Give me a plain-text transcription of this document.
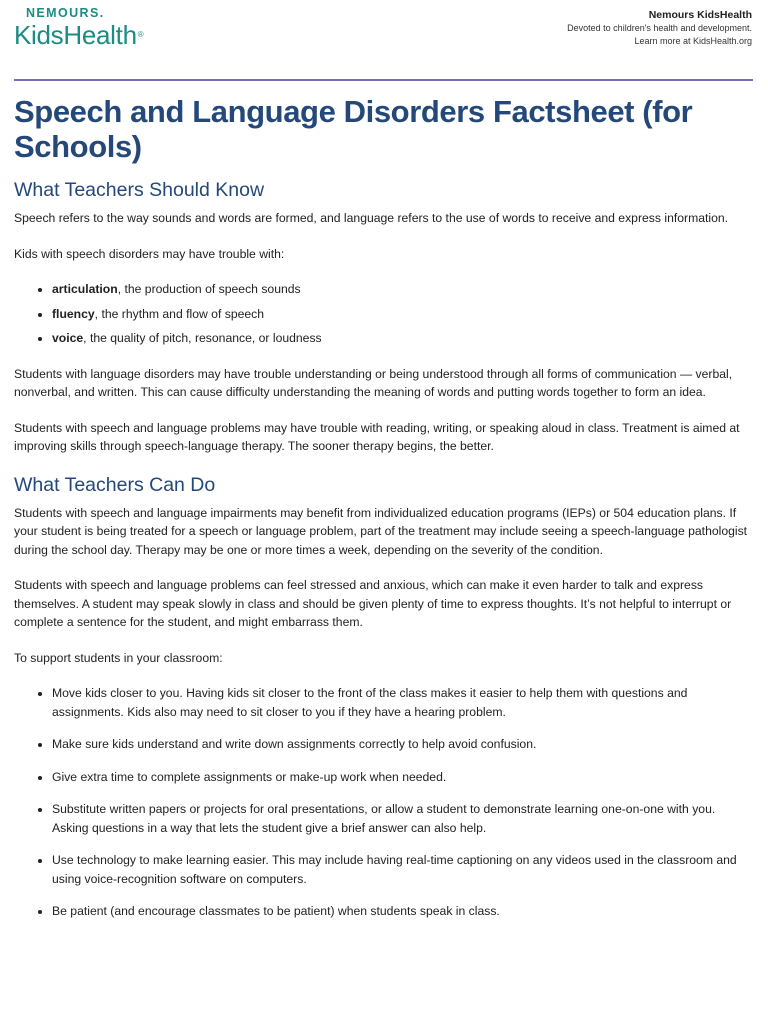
NEMOURS.
KidsHealth®
Nemours KidsHealth
Devoted to children's health and development.
Learn more at KidsHealth.org
Speech and Language Disorders Factsheet (for Schools)
What Teachers Should Know

Speech refers to the way sounds and words are formed, and language refers to the use of words to receive and express information.

Kids with speech disorders may have trouble with:

• articulation, the production of speech sounds
• fluency, the rhythm and flow of speech
• voice, the quality of pitch, resonance, or loudness

Students with language disorders may have trouble understanding or being understood through all forms of communication — verbal, nonverbal, and written. This can cause difficulty understanding the meaning of words and putting words together to form an idea.

Students with speech and language problems may have trouble with reading, writing, or speaking aloud in class. Treatment is aimed at improving skills through speech-language therapy. The sooner therapy begins, the better.

What Teachers Can Do

Students with speech and language impairments may benefit from individualized education programs (IEPs) or 504 education plans. If your student is being treated for a speech or language problem, part of the treatment may include seeing a speech-language pathologist during the school day. Therapy may be one or more times a week, depending on the severity of the condition.

Students with speech and language problems can feel stressed and anxious, which can make it even harder to talk and express themselves. A student may speak slowly in class and should be given plenty of time to express thoughts. It’s not helpful to interrupt or complete a sentence for the student, and might embarrass them.

To support students in your classroom:

• Move kids closer to you. Having kids sit closer to the front of the class makes it easier to help them with questions and assignments. Kids also may need to sit closer to you if they have a hearing problem.
• Make sure kids understand and write down assignments correctly to help avoid confusion.
• Give extra time to complete assignments or make-up work when needed.
• Substitute written papers or projects for oral presentations, or allow a student to demonstrate learning one-on-one with you. Asking questions in a way that lets the student give a brief answer can also help.
• Use technology to make learning easier. This may include having real-time captioning on any videos used in the classroom and using voice-recognition software on computers.
• Be patient (and encourage classmates to be patient) when students speak in class.
